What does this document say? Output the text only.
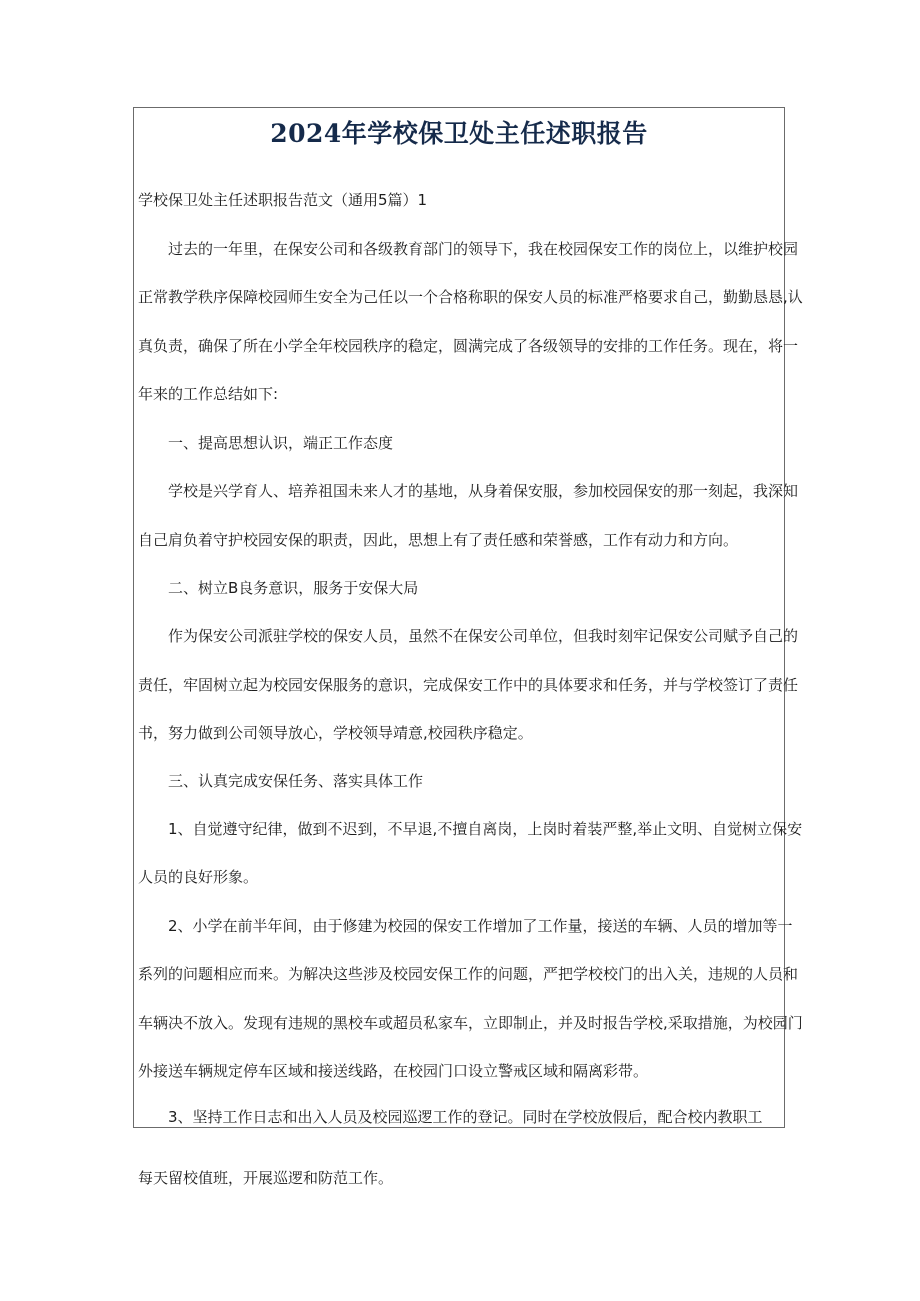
2024年学校保卫处主任述职报告

学校保卫处主任述职报告范文（通用5篇）1

过去的一年里，在保安公司和各级教育部门的领导下，我在校园保安工作的岗位上，以维护校园

正常教学秩序保障校园师生安全为己任以一个合格称职的保安人员的标准严格要求自己，勤勤恳恳,认

真负责，确保了所在小学全年校园秩序的稳定，圆满完成了各级领导的安排的工作任务。现在，将一

年来的工作总结如下:

一、提高思想认识，端正工作态度

学校是兴学育人、培养祖国未来人才的基地，从身着保安服，参加校园保安的那一刻起，我深知

自己肩负着守护校园安保的职责，因此，思想上有了责任感和荣誉感，工作有动力和方向。

二、树立B良务意识，服务于安保大局

作为保安公司派驻学校的保安人员，虽然不在保安公司单位，但我时刻牢记保安公司赋予自己的

责任，牢固树立起为校园安保服务的意识，完成保安工作中的具体要求和任务，并与学校签订了责任

书，努力做到公司领导放心，学校领导靖意,校园秩序稳定。

三、认真完成安保任务、落实具体工作

1、自觉遵守纪律，做到不迟到，不早退,不擅自离岗，上岗时着装严整,举止文明、自觉树立保安

人员的良好形象。

2、小学在前半年间，由于修建为校园的保安工作增加了工作量，接送的车辆、人员的增加等一

系列的问题相应而来。为解决这些涉及校园安保工作的问题，严把学校校门的出入关，违规的人员和

车辆决不放入。发现有违规的黑校车或超员私家车，立即制止，并及时报告学校,采取措施，为校园门

外接送车辆规定停车区域和接送线路，在校园门口设立警戒区域和隔离彩带。

3、坚持工作日志和出入人员及校园巡逻工作的登记。同时在学校放假后，配合校内教职工

每天留校值班，开展巡逻和防范工作。
